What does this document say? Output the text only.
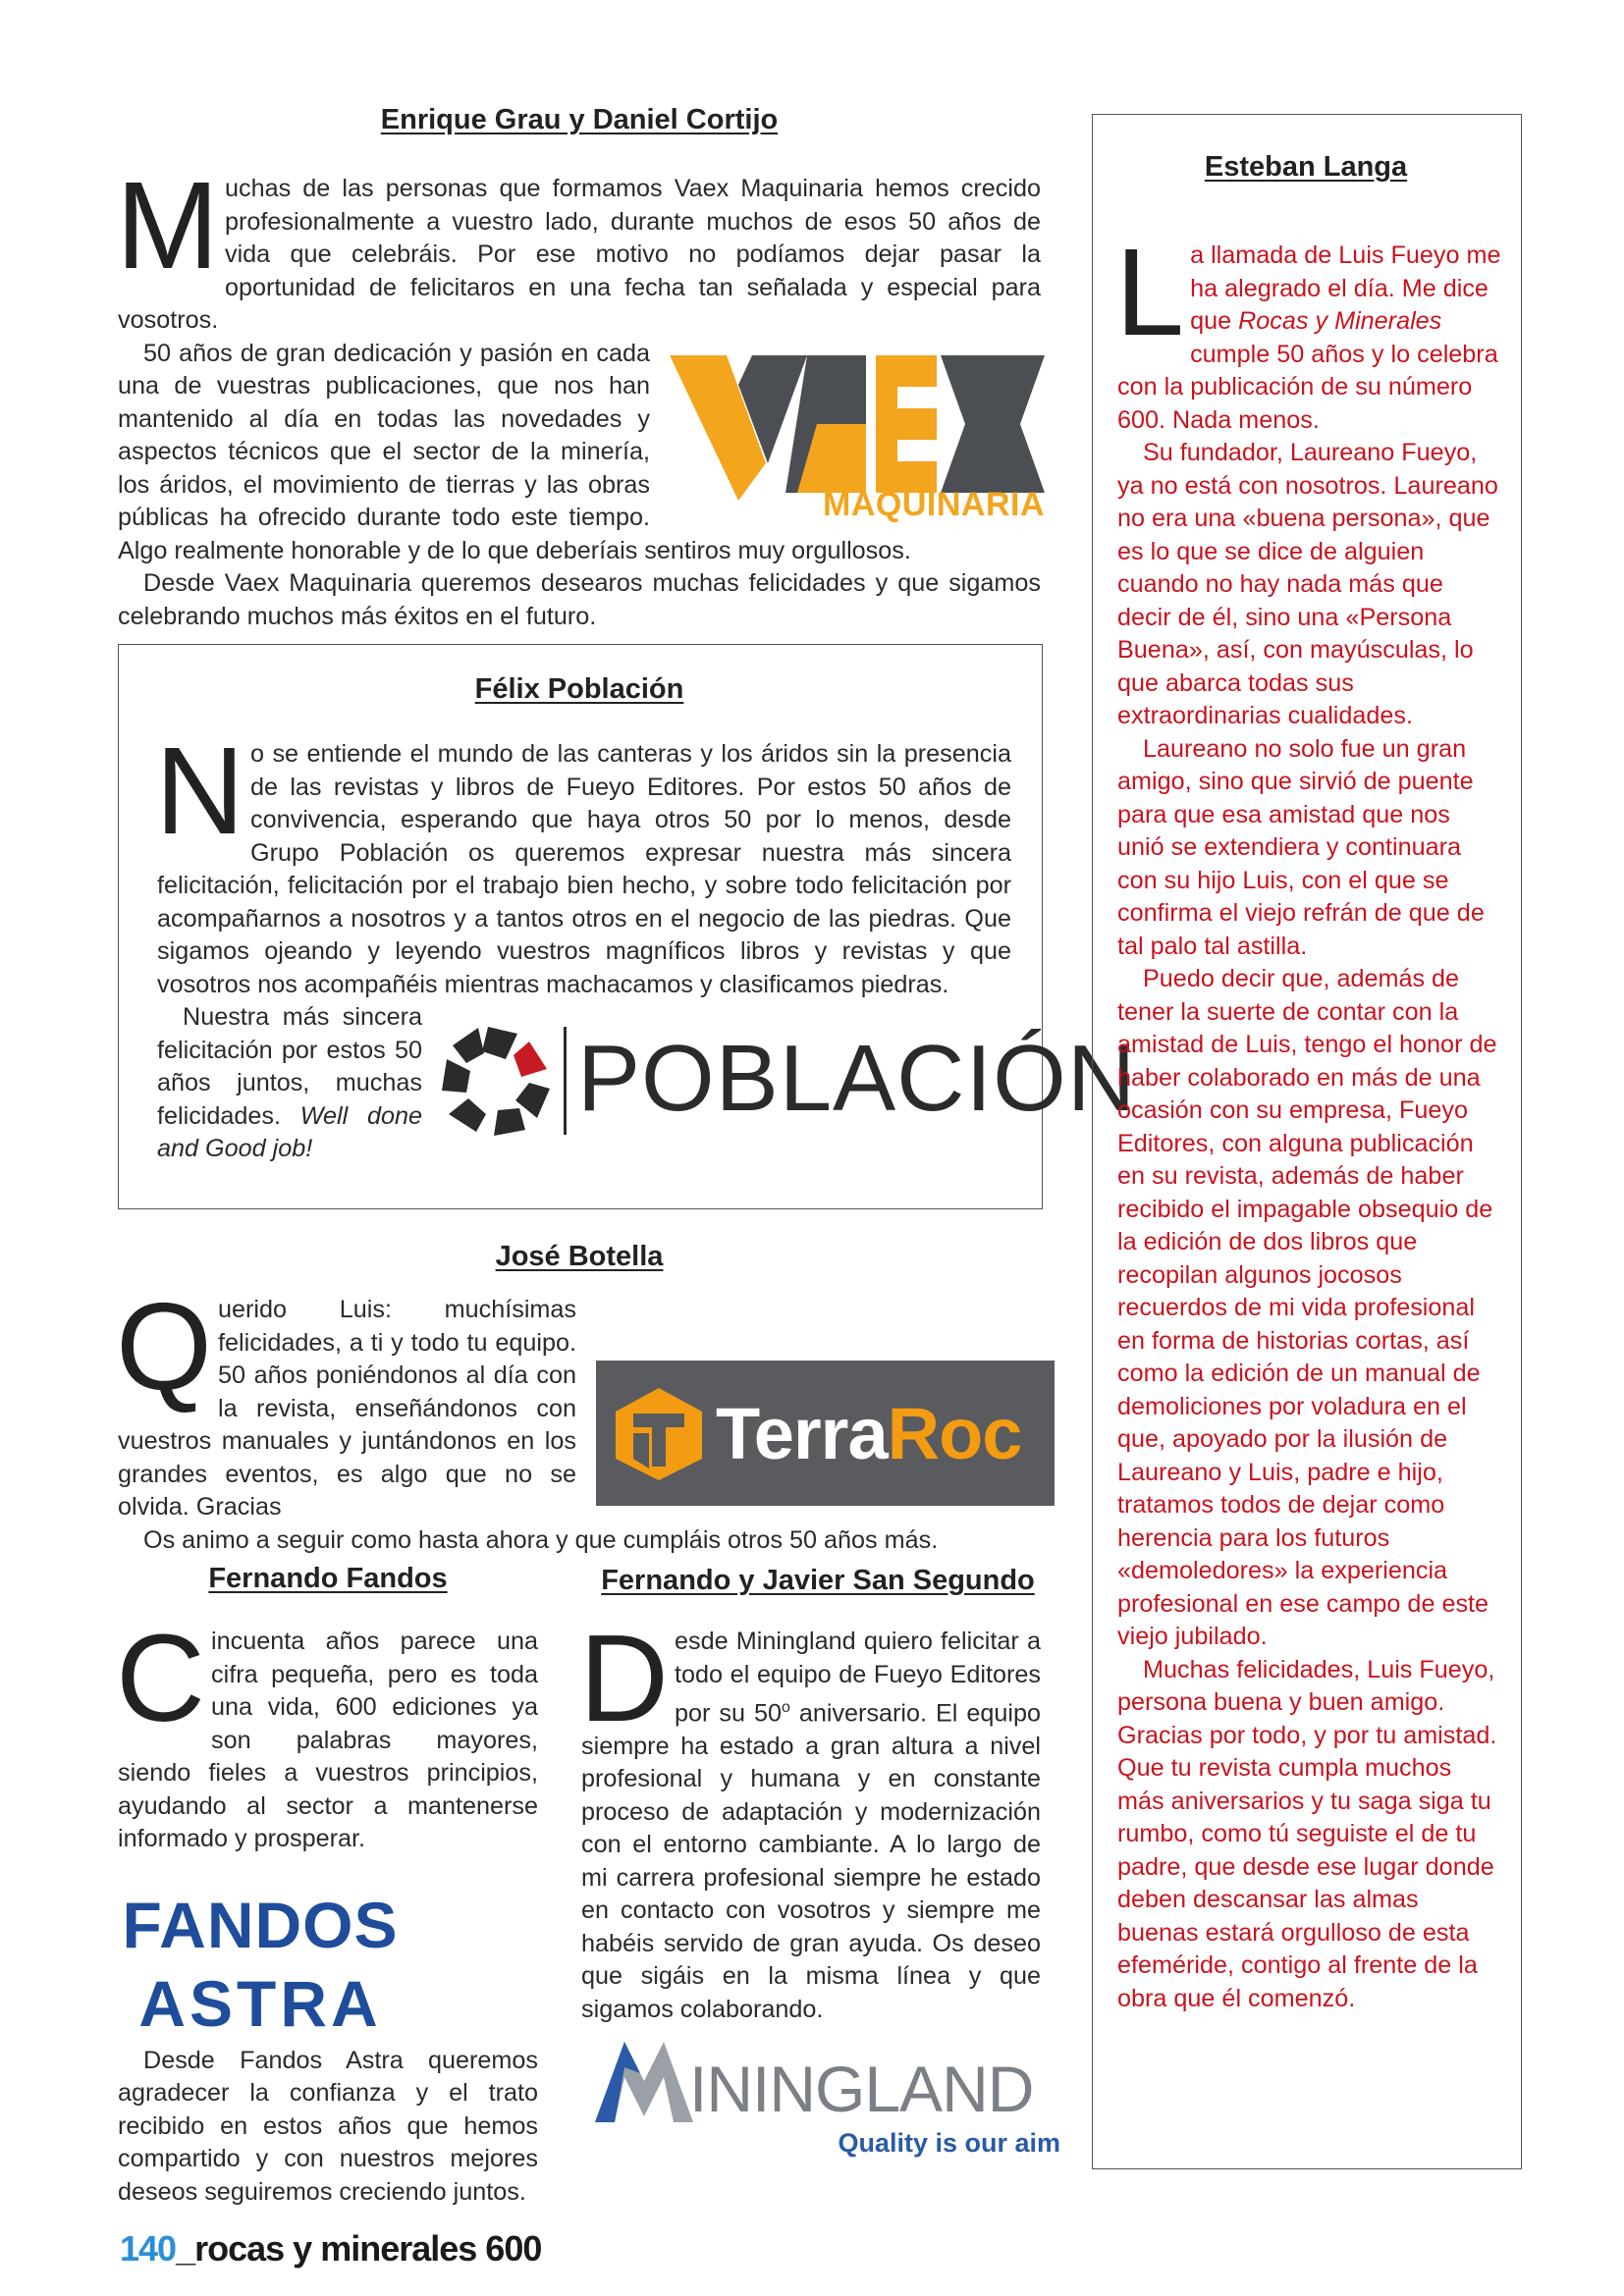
Enrique Grau y Daniel Cortijo
M uchas de las personas que formamos Vaex Maquinaria hemos crecido profesionalmente a vuestro lado, durante muchos de esos 50 años de vida que celebráis. Por ese motivo no podíamos dejar pasar la oportunidad de felicitaros en una fecha tan señalada y especial para vosotros.

MAQUINARIA

50 años de gran dedicación y pasión en cada una de vuestras publicaciones, que nos han mantenido al día en todas las novedades y aspectos técnicos que el sector de la minería, los áridos, el movimiento de tierras y las obras públicas ha ofrecido durante todo este tiempo. Algo realmente honorable y de lo que deberíais sentiros muy orgullosos.

Desde Vaex Maquinaria queremos desearos muchas felicidades y que sigamos celebrando muchos más éxitos en el futuro.

Félix Población
N o se entiende el mundo de las canteras y los áridos sin la presencia de las revistas y libros de Fueyo Editores. Por estos 50 años de convivencia, esperando que haya otros 50 por lo menos, desde Grupo Población os queremos expresar nuestra más sincera felicitación, felicitación por el trabajo bien hecho, y sobre todo felicitación por acompañarnos a nosotros y a tantos otros en el negocio de las piedras. Que sigamos ojeando y leyendo vuestros magníficos libros y revistas y que vosotros nos acompañéis mientras machacamos y clasificamos piedras.

POBLACIÓN

Nuestra más sincera felicitación por estos 50 años juntos, muchas felicidades. Well done and Good job!

José Botella
Q
TerraRoc

uerido Luis: muchísimas felicidades, a ti y todo tu equipo. 50 años poniéndonos al día con la revista, enseñándonos con vuestros manuales y juntándonos en los grandes eventos, es algo que no se olvida. Gracias

Os animo a seguir como hasta ahora y que cumpláis otros 50 años más.

Fernando Fandos
C incuenta años parece una cifra pequeña, pero es toda una vida, 600 ediciones ya son palabras mayores, siendo fieles a vuestros principios, ayudando al sector a mantenerse informado y prosperar.

FANDOS
ASTRA

Desde Fandos Astra queremos agradecer la confianza y el trato recibido en estos años que hemos compartido y con nuestros mejores deseos seguiremos creciendo juntos.

Fernando y Javier San Segundo
D esde Miningland quiero felicitar a todo el equipo de Fueyo Editores por su 50$^o$ aniversario. El equipo siempre ha estado a gran altura a nivel profesional y humana y en constante proceso de adaptación y modernización con el entorno cambiante. A lo largo de mi carrera profesional siempre he estado en contacto con vosotros y siempre me habéis servido de gran ayuda. Os deseo que sigáis en la misma línea y que sigamos colaborando.

ININGLAND
Quality is our aim
Esteban Langa
L a llamada de Luis Fueyo me ha alegrado el día. Me dice que Rocas y Minerales cumple 50 años y lo celebra con la publicación de su número 600. Nada menos.

Su fundador, Laureano Fueyo, ya no está con nosotros. Laureano no era una «buena persona», que es lo que se dice de alguien cuando no hay nada más que decir de él, sino una «Persona Buena», así, con mayúsculas, lo que abarca todas sus extraordinarias cualidades.

Laureano no solo fue un gran amigo, sino que sirvió de puente para que esa amistad que nos unió se extendiera y continuara con su hijo Luis, con el que se confirma el viejo refrán de que de tal palo tal astilla.

Puedo decir que, además de tener la suerte de contar con la amistad de Luis, tengo el honor de haber colaborado en más de una ocasión con su empresa, Fueyo Editores, con alguna publicación en su revista, además de haber recibido el impagable obsequio de la edición de dos libros que recopilan algunos jocosos recuerdos de mi vida profesional en forma de historias cortas, así como la edición de un manual de demoliciones por voladura en el que, apoyado por la ilusión de Laureano y Luis, padre e hijo, tratamos todos de dejar como herencia para los futuros «demoledores» la experiencia profesional en ese campo de este viejo jubilado.

Muchas felicidades, Luis Fueyo, persona buena y buen amigo. Gracias por todo, y por tu amistad. Que tu revista cumpla muchos más aniversarios y tu saga siga tu rumbo, como tú seguiste el de tu padre, que desde ese lugar donde deben descansar las almas buenas estará orgulloso de esta efeméride, contigo al frente de la obra que él comenzó.

140_rocas y minerales 600
